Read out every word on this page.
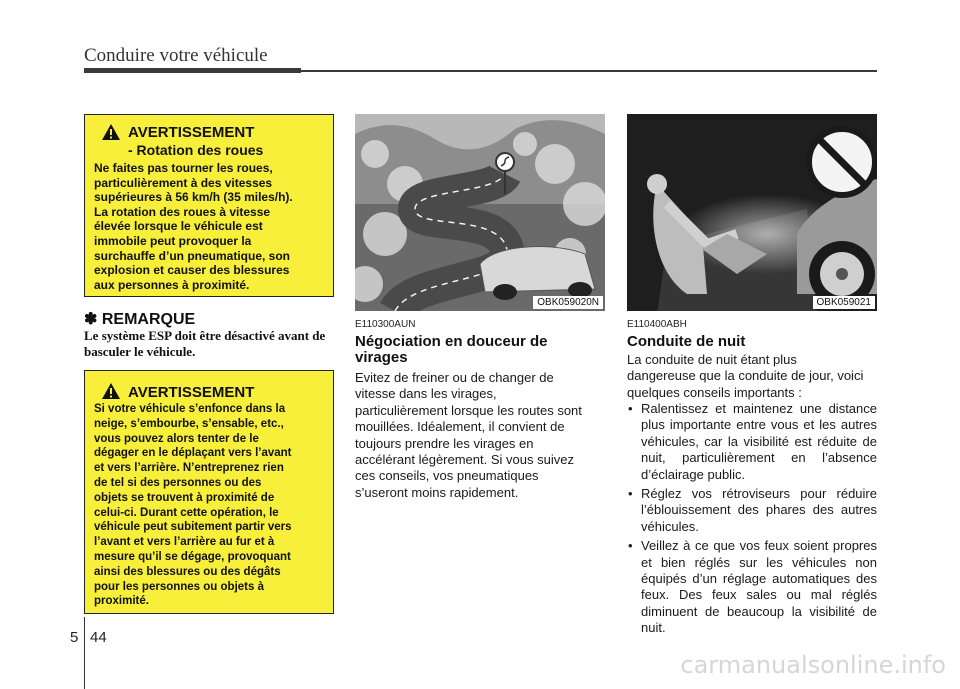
Conduire votre véhicule
AVERTISSEMENT
- Rotation des roues
Ne faites pas tourner les roues,
particulièrement à des vitesses
supérieures à 56 km/h (35 miles/h).
La rotation des roues à vitesse
élevée lorsque le véhicule est
immobile peut provoquer la
surchauffe d’un pneumatique, son
explosion et causer des blessures
aux personnes à proximité.
✽ REMARQUE
Le système ESP doit être désactivé avant de basculer le véhicule.
AVERTISSEMENT
Si votre véhicule s’enfonce dans la
neige, s’embourbe, s’ensable, etc.,
vous pouvez alors tenter de le
dégager en le déplaçant vers l’avant
et vers l’arrière. N’entreprenez rien
de tel si des personnes ou des
objets se trouvent à proximité de
celui-ci. Durant cette opération, le
véhicule peut subitement partir vers
l’avant et vers l’arrière au fur et à
mesure qu’il se dégage, provoquant
ainsi des blessures ou des dégâts
pour les personnes ou objets à
proximité.
OBK059020N	OBK059021
E110300AUN
Négociation en douceur de
virages
Evitez de freiner ou de changer de
vitesse dans les virages,
particulièrement lorsque les routes sont
mouillées. Idéalement, il convient de
toujours prendre les virages en
accélérant légèrement. Si vous suivez
ces conseils, vos pneumatiques
s’useront moins rapidement.
E110400ABH
Conduite de nuit
La conduite de nuit étant plus
dangereuse que la conduite de jour, voici
quelques conseils importants :
• Ralentissez et maintenez une distance plus importante entre vous et les autres véhicules, car la visibilité est réduite de nuit, particulièrement en l’absence d’éclairage public.
• Réglez vos rétroviseurs pour réduire l’éblouissement des phares des autres véhicules.
• Veillez à ce que vos feux soient propres et bien réglés sur les véhicules non équipés d’un réglage automatiques des feux. Des feux sales ou mal réglés diminuent de beaucoup la visibilité de nuit.
5 44
carmanualsonline.info
